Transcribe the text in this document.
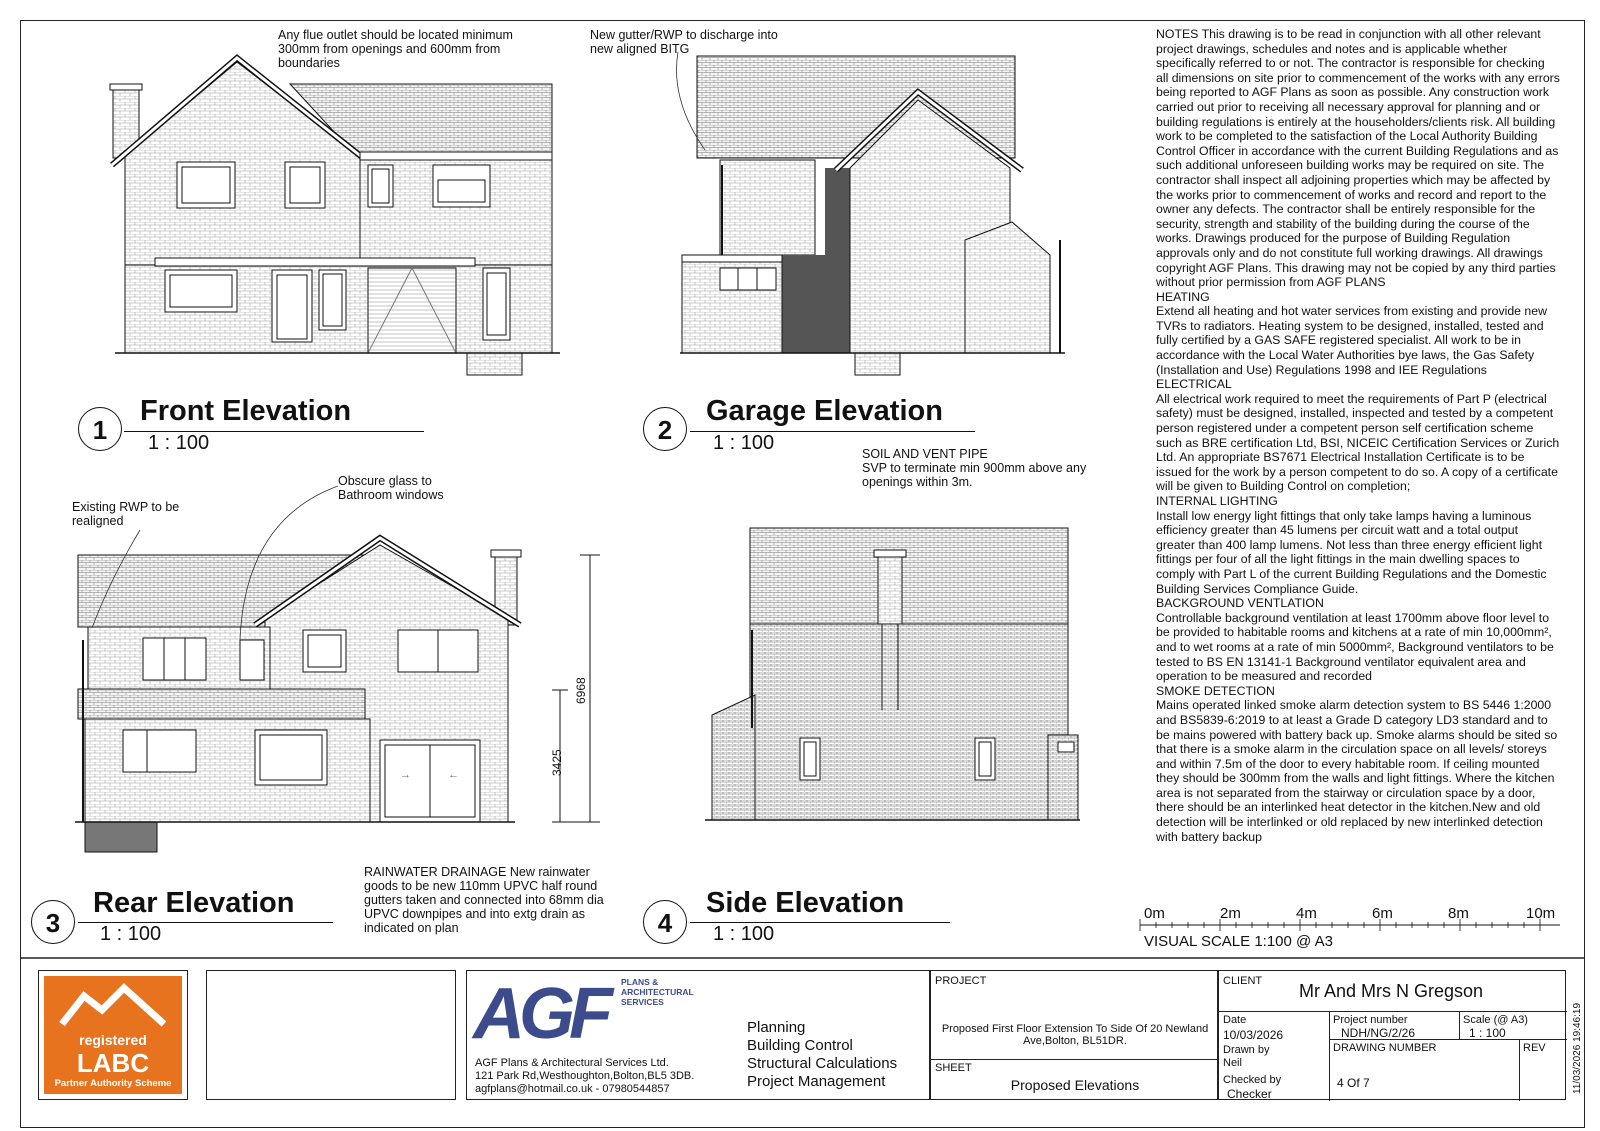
→	←
Any flue outlet should be located minimum 300mm from openings and 600mm from boundaries
New gutter/RWP to discharge into new aligned BITG
SOIL AND VENT PIPE
SVP to terminate min 900mm above any openings within 3m.
Existing RWP to be realigned
Obscure glass to Bathroom windows
RAINWATER DRAINAGE New rainwater goods to be new 110mm UPVC half round gutters taken and connected into 68mm dia UPVC downpipes and into extg drain as indicated on plan
6968
3425
1
Front Elevation
1 : 100	2
Garage Elevation
1 : 100
3
Rear Elevation
1 : 100	4
Side Elevation
1 : 100

NOTES This drawing is to be read in conjunction with all other relevant project drawings, schedules and notes and is applicable whether specifically referred to or not. The contractor is responsible for checking all dimensions on site prior to commencement of the works with any errors being reported to AGF Plans as soon as possible. Any construction work carried out prior to receiving all necessary approval for planning and or building regulations is entirely at the householders/clients risk. All building work to be completed to the satisfaction of the Local Authority Building Control Officer in accordance with the current Building Regulations and as such additional unforeseen building works may be required on site. The contractor shall inspect all adjoining properties which may be affected by the works prior to commencement of works and record and report to the owner any defects. The contractor shall be entirely responsible for the security, strength and stability of the building during the course of the works. Drawings produced for the purpose of Building Regulation approvals only and do not constitute full working drawings. All drawings copyright AGF Plans. This drawing may not be copied by any third parties without prior permission from AGF PLANS

HEATING

Extend all heating and hot water services from existing and provide new TVRs to radiators. Heating system to be designed, installed, tested and fully certified by a GAS SAFE registered specialist. All work to be in accordance with the Local Water Authorities bye laws, the Gas Safety (Installation and Use) Regulations 1998 and IEE Regulations

ELECTRICAL

All electrical work required to meet the requirements of Part P (electrical safety) must be designed, installed, inspected and tested by a competent person registered under a competent person self certification scheme such as BRE certification Ltd, BSI, NICEIC Certification Services or Zurich Ltd. An appropriate BS7671 Electrical Installation Certificate is to be issued for the work by a person competent to do so. A copy of a certificate will be given to Building Control on completion;

INTERNAL LIGHTING

Install low energy light fittings that only take lamps having a luminous efficiency greater than 45 lumens per circuit watt and a total output greater than 400 lamp lumens. Not less than three energy efficient light fittings per four of all the light fittings in the main dwelling spaces to comply with Part L of the current Building Regulations and the Domestic Building Services Compliance Guide.

BACKGROUND VENTLATION

Controllable background ventilation at least 1700mm above floor level to be provided to habitable rooms and kitchens at a rate of min 10,000mm², and to wet rooms at a rate of min 5000mm², Background ventilators to be tested to BS EN 13141-1 Background ventilator equivalent area and operation to be measured and recorded

SMOKE DETECTION

Mains operated linked smoke alarm detection system to BS 5446 1:2000 and BS5839-6:2019 to at least a Grade D category LD3 standard and to be mains powered with battery back up. Smoke alarms should be sited so that there is a smoke alarm in the circulation space on all levels/ storeys and within 7.5m of the door to every habitable room. If ceiling mounted they should be 300mm from the walls and light fittings. Where the kitchen area is not separated from the stairway or circulation space by a door, there should be an interlinked heat detector in the kitchen.New and old detection will be interlinked or old replaced by new interlinked detection with battery backup

0m	2m	4m	6m	8m	10m
VISUAL SCALE 1:100 @ A3
registered
LABC
Partner Authority Scheme
AGF PLANS & ARCHITECTURAL SERVICES
AGF Plans & Architectural Services Ltd.
121 Park Rd,Westhoughton,Bolton,BL5 3DB.
agfplans@hotmail.co.uk - 07980544857
Planning
Building Control
Structural Calculations
Project Management
PROJECT
Proposed First Floor Extension To Side Of 20 Newland Ave,Bolton, BL51DR.
SHEET
Proposed Elevations
CLIENT Mr And Mrs N Gregson
Date
10/03/2026
Project number
NDH/NG/2/26
Scale (@ A3)
1 : 100
Drawn by
Neil
DRAWING NUMBER	REV
Checked by
Checker
4 Of 7	11/03/2026 19:46:19
